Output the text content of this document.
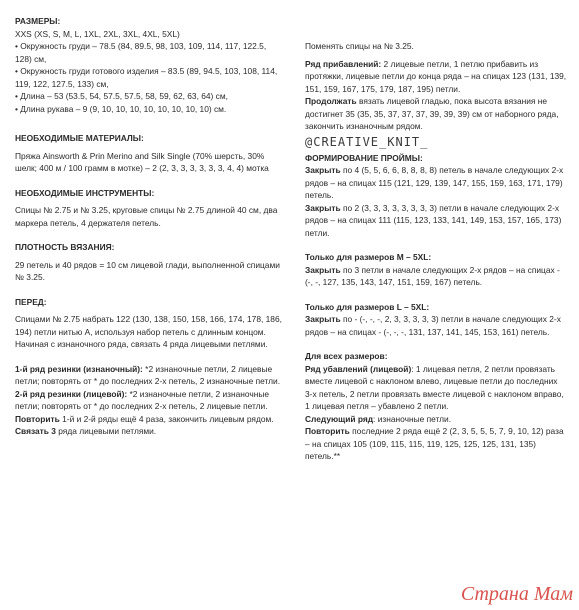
РАЗМЕРЫ:

XXS (XS, S, M, L, 1XL, 2XL, 3XL, 4XL, 5XL)

• Окружность груди – 78.5 (84, 89.5, 98, 103, 109, 114, 117, 122.5, 128) см,

• Окружность груди готового изделия – 83.5 (89, 94.5, 103, 108, 114, 119, 122, 127.5, 133) см,

• Длина – 53 (53.5, 54, 57.5, 57.5, 58, 59, 62, 63, 64) см,

• Длина рукава – 9 (9, 10, 10, 10, 10, 10, 10, 10, 10) см.

НЕОБХОДИМЫЕ МАТЕРИАЛЫ:

Пряжа Ainsworth & Prin Merino and Silk Single (70% шерсть, 30% шелк; 400 м / 100 грамм в мотке) – 2 (2, 3, 3, 3, 3, 3, 3, 4, 4) мотка

НЕОБХОДИМЫЕ ИНСТРУМЕНТЫ:

Спицы № 2.75 и № 3.25, круговые спицы № 2.75 длиной 40 см, два маркера петель, 4 держателя петель.

ПЛОТНОСТЬ ВЯЗАНИЯ:

29 петель и 40 рядов = 10 см лицевой глади, выполненной спицами № 3.25.

ПЕРЕД:

Спицами № 2.75 набрать 122 (130, 138, 150, 158, 166, 174, 178, 186, 194) петли нитью А, используя набор петель с длинным концом.

Начиная с изнаночного ряда, связать 4 ряда лицевыми петлями.

1-й ряд резинки (изнаночный): *2 изнаночные петли, 2 лицевые петли; повторять от * до последних 2-х петель, 2 изнаночные петли.

2-й ряд резинки (лицевой): *2 изнаночные петли, 2 изнаночные петли; повторять от * до последних 2-х петель, 2 лицевые петли.

Повторить 1-й и 2-й ряды ещё 4 раза, закончить лицевым рядом.

Связать 3 ряда лицевыми петлями.

Поменять спицы на № 3.25.

Ряд прибавлений: 2 лицевые петли, 1 петлю прибавить из протяжки, лицевые петли до конца ряда – на спицах 123 (131, 139, 151, 159, 167, 175, 179, 187, 195) петли.

Продолжать вязать лицевой гладью, пока высота вязания не достигнет 35 (35, 35, 37, 37, 37, 39, 39, 39) см от наборного ряда, закончить изнаночным рядом.

ФОРМИРОВАНИЕ ПРОЙМЫ:

Закрыть по 4 (5, 5, 6, 6, 8, 8, 8, 8) петель в начале следующих 2-х рядов – на спицах 115 (121, 129, 139, 147, 155, 159, 163, 171, 179) петель.

Закрыть по 2 (3, 3, 3, 3, 3, 3, 3, 3) петли в начале следующих 2-х рядов – на спицах 111 (115, 123, 133, 141, 149, 153, 157, 165, 173) петли.

Только для размеров M – 5XL:

Закрыть по 3 петли в начале следующих 2-х рядов – на спицах - (-, -, 127, 135, 143, 147, 151, 159, 167) петель.

Только для размеров L – 5XL:

Закрыть по - (-, -, -, 2, 3, 3, 3, 3, 3) петли в начале следующих 2-х рядов – на спицах - (-, -, -, 131, 137, 141, 145, 153, 161) петель.

Для всех размеров:

Ряд убавлений (лицевой): 1 лицевая петля, 2 петли провязать вместе лицевой с наклоном влево, лицевые петли до последних 3-х петель, 2 петли провязать вместе лицевой с наклоном вправо, 1 лицевая петля – убавлено 2 петли.

Следующий ряд: изнаночные петли.

Повторить последние 2 ряда ещё 2 (2, 3, 5, 5, 5, 7, 9, 10, 12) раза – на спицах 105 (109, 115, 115, 119, 125, 125, 125, 131, 135) петель.**

@CREATIVE_KNIT_
Страна Мам
